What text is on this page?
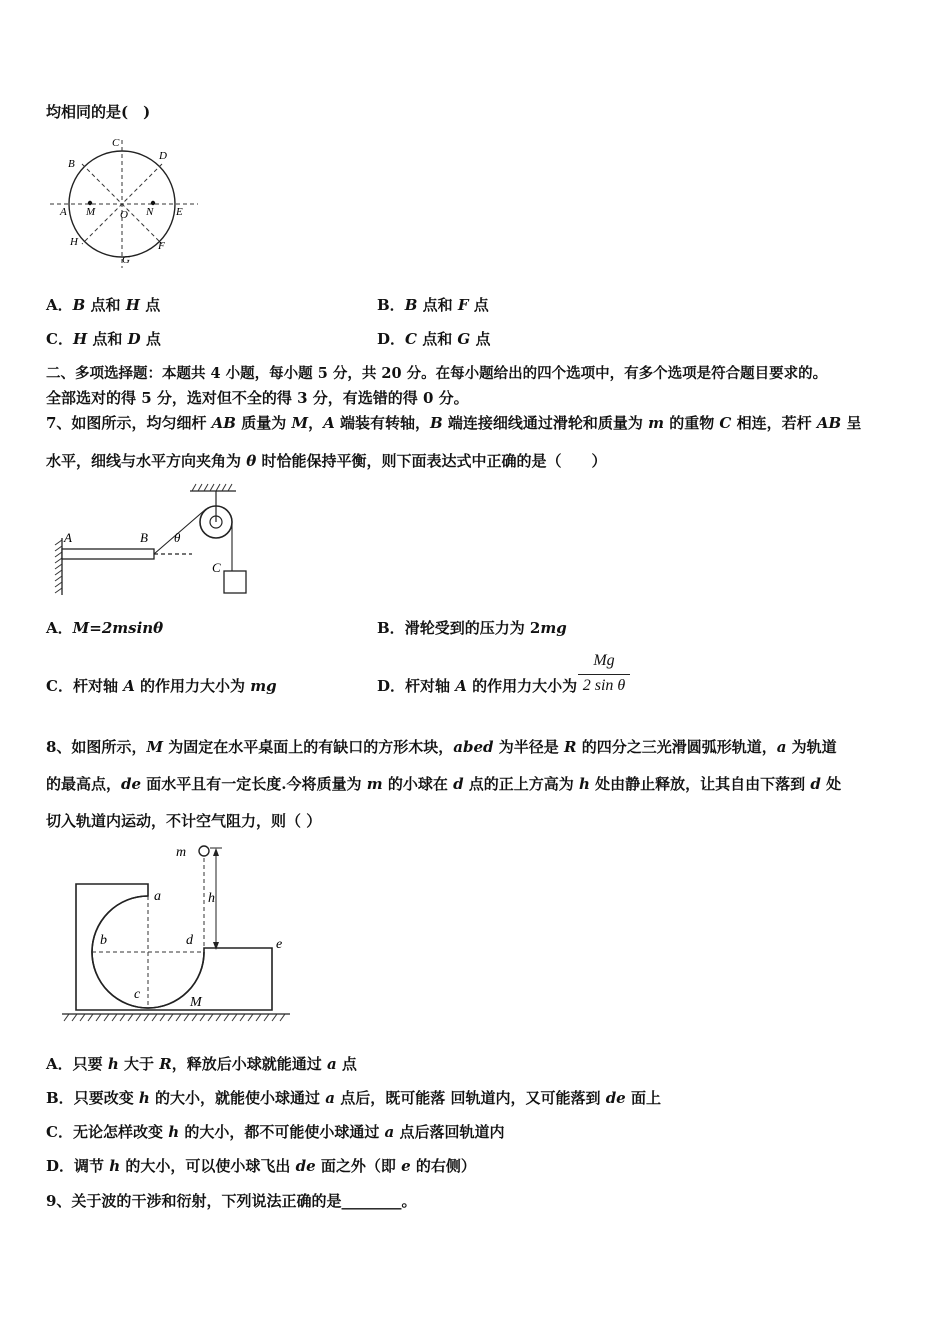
均相同的是(　)
C
D
B
A M O N E
H	F
G
A．B 点和 H 点	B．B 点和 F 点
C．H 点和 D 点	D．C 点和 G 点
二、多项选择题：本题共 4 小题，每小题 5 分，共 20 分。在每小题给出的四个选项中，有多个选项是符合题目要求的。
全部选对的得 5 分，选对但不全的得 3 分，有选错的得 0 分。
7、如图所示，均匀细杆 AB 质量为 M，A 端装有转轴，B 端连接细线通过滑轮和质量为 m 的重物 C 相连，若杆 AB 呈
水平，细线与水平方向夹角为 θ 时恰能保持平衡，则下面表达式中正确的是（　　）
A	B θ
C
A．M=2msinθ	B．滑轮受到的压力为 2mg
C．杆对轴 A 的作用力大小为 mg	D．杆对轴 A 的作用力大小为
Mg
2 sin θ
8、如图所示，M 为固定在水平桌面上的有缺口的方形木块，abed 为半径是 R 的四分之三光滑圆弧形轨道，a 为轨道
的最高点，de 面水平且有一定长度.今将质量为 m 的小球在 d 点的正上方高为 h 处由静止释放，让其自由下落到 d 处
切入轨道内运动，不计空气阻力，则（ ）
m
h
a
b	d	e
c
M
A．只要 h 大于 R，释放后小球就能通过 a 点
B．只要改变 h 的大小，就能使小球通过 a 点后，既可能落 回轨道内，又可能落到 de 面上
C．无论怎样改变 h 的大小，都不可能使小球通过 a 点后落回轨道内
D．调节 h 的大小，可以使小球飞出 de 面之外（即 e 的右侧）
9、关于波的干涉和衍射，下列说法正确的是________。
